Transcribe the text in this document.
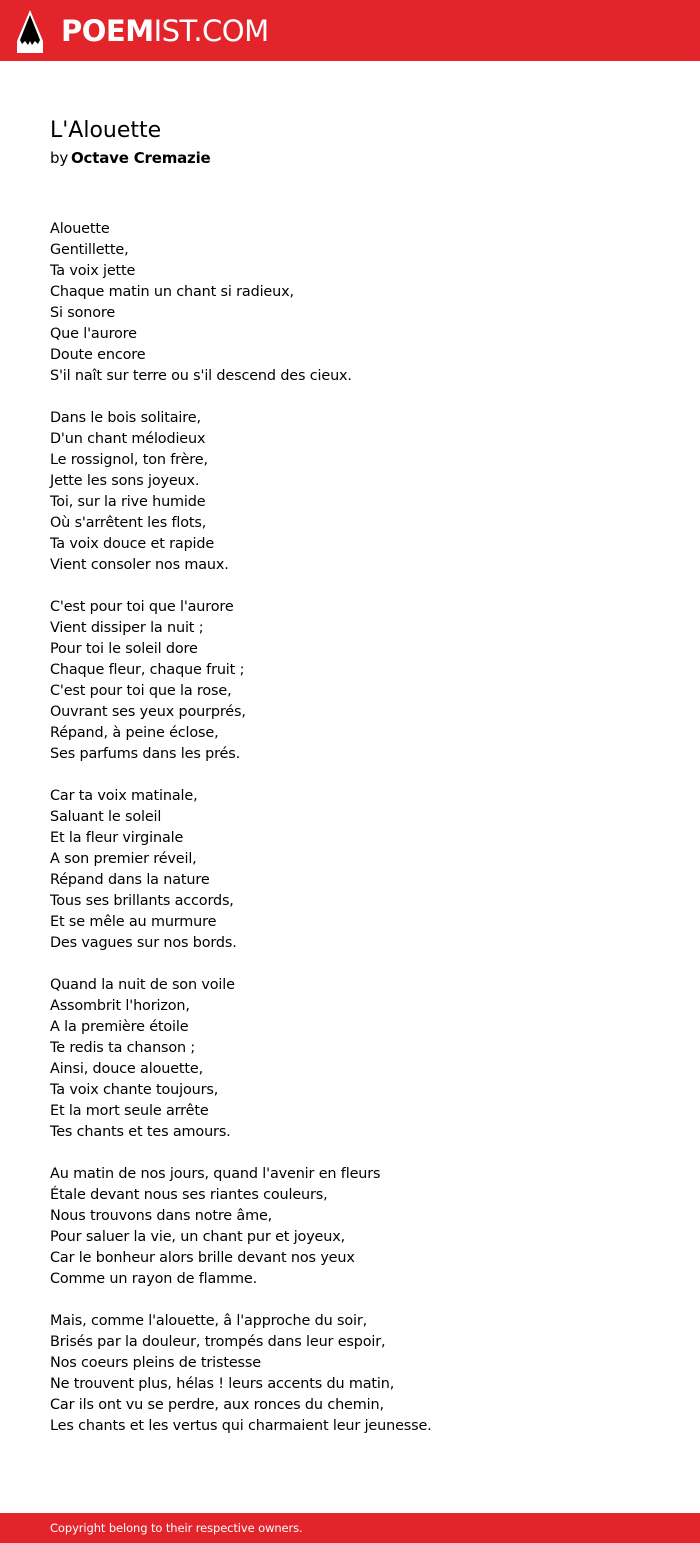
POEMIST.COM
L'Alouette
by Octave Cremazie
Alouette
Gentillette,
Ta voix jette
Chaque matin un chant si radieux,
Si sonore
Que l'aurore
Doute encore
S'il naît sur terre ou s'il descend des cieux.
Dans le bois solitaire,
D'un chant mélodieux
Le rossignol, ton frère,
Jette les sons joyeux.
Toi, sur la rive humide
Où s'arrêtent les flots,
Ta voix douce et rapide
Vient consoler nos maux.
C'est pour toi que l'aurore
Vient dissiper la nuit ;
Pour toi le soleil dore
Chaque fleur, chaque fruit ;
C'est pour toi que la rose,
Ouvrant ses yeux pourprés,
Répand, à peine éclose,
Ses parfums dans les prés.
Car ta voix matinale,
Saluant le soleil
Et la fleur virginale
A son premier réveil,
Répand dans la nature
Tous ses brillants accords,
Et se mêle au murmure
Des vagues sur nos bords.
Quand la nuit de son voile
Assombrit l'horizon,
A la première étoile
Te redis ta chanson ;
Ainsi, douce alouette,
Ta voix chante toujours,
Et la mort seule arrête
Tes chants et tes amours.
Au matin de nos jours, quand l'avenir en fleurs
Étale devant nous ses riantes couleurs,
Nous trouvons dans notre âme,
Pour saluer la vie, un chant pur et joyeux,
Car le bonheur alors brille devant nos yeux
Comme un rayon de flamme.
Mais, comme l'alouette, â l'approche du soir,
Brisés par la douleur, trompés dans leur espoir,
Nos coeurs pleins de tristesse
Ne trouvent plus, hélas ! leurs accents du matin,
Car ils ont vu se perdre, aux ronces du chemin,
Les chants et les vertus qui charmaient leur jeunesse.
Copyright belong to their respective owners.
